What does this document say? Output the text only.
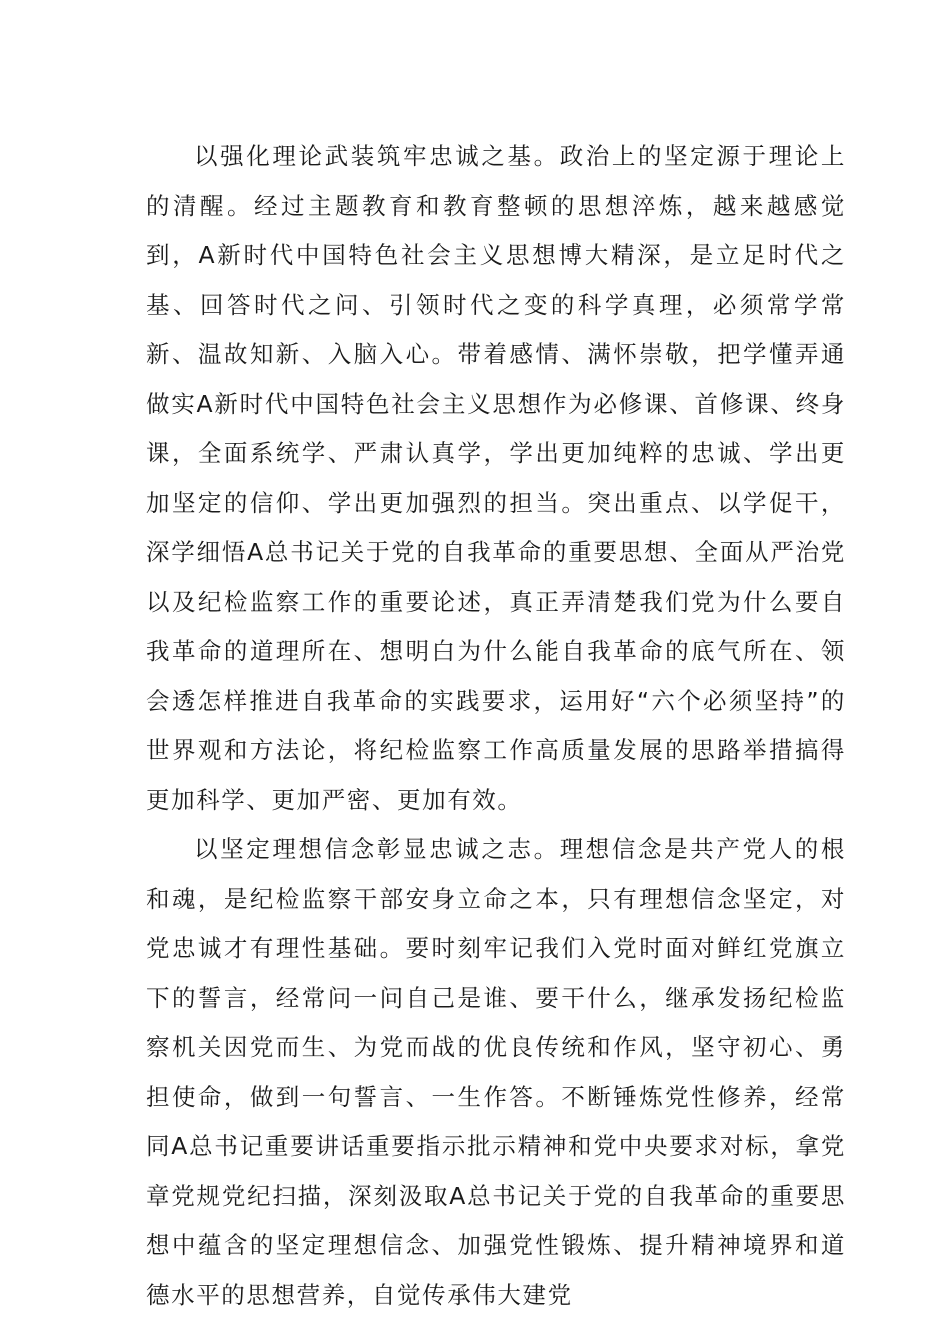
以强化理论武装筑牢忠诚之基。政治上的坚定源于理论上的清醒。经过主题教育和教育整顿的思想淬炼，越来越感觉到，A新时代中国特色社会主义思想博大精深，是立足时代之基、回答时代之问、引领时代之变的科学真理，必须常学常新、温故知新、入脑入心。带着感情、满怀崇敬，把学懂弄通做实A新时代中国特色社会主义思想作为必修课、首修课、终身课，全面系统学、严肃认真学，学出更加纯粹的忠诚、学出更加坚定的信仰、学出更加强烈的担当。突出重点、以学促干，深学细悟A总书记关于党的自我革命的重要思想、全面从严治党以及纪检监察工作的重要论述，真正弄清楚我们党为什么要自我革命的道理所在、想明白为什么能自我革命的底气所在、领会透怎样推进自我革命的实践要求，运用好“六个必须坚持”的世界观和方法论，将纪检监察工作高质量发展的思路举措搞得更加科学、更加严密、更加有效。

以坚定理想信念彰显忠诚之志。理想信念是共产党人的根和魂，是纪检监察干部安身立命之本，只有理想信念坚定，对党忠诚才有理性基础。要时刻牢记我们入党时面对鲜红党旗立下的誓言，经常问一问自己是谁、要干什么，继承发扬纪检监察机关因党而生、为党而战的优良传统和作风，坚守初心、勇担使命，做到一句誓言、一生作答。不断锤炼党性修养，经常同A总书记重要讲话重要指示批示精神和党中央要求对标，拿党章党规党纪扫描，深刻汲取A总书记关于党的自我革命的重要思想中蕴含的坚定理想信念、加强党性锻炼、提升精神境界和道德水平的思想营养，自觉传承伟大建党
